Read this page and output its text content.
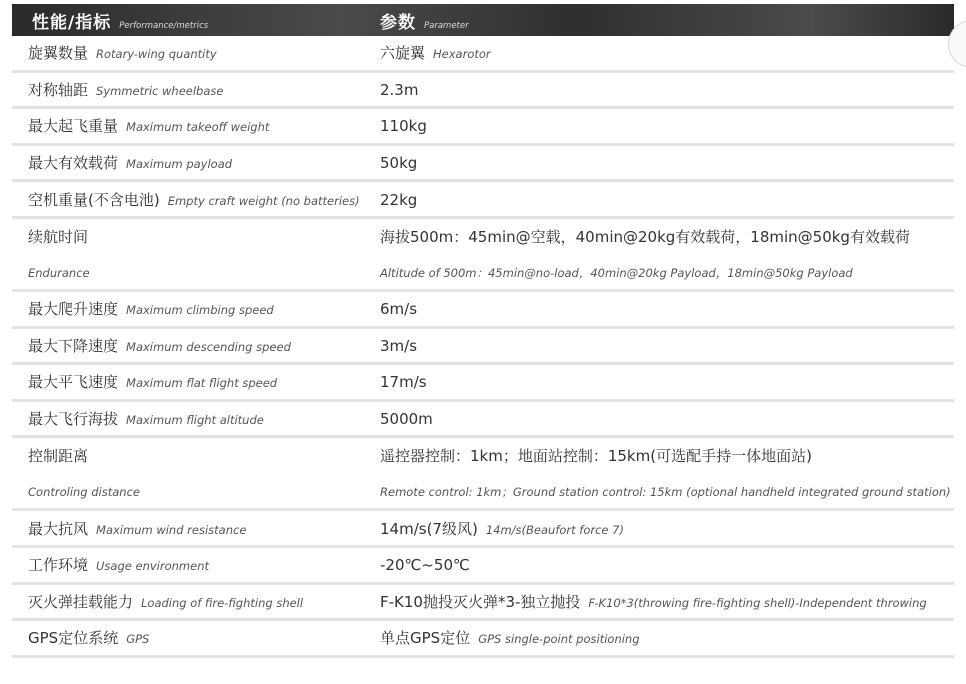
性能/指标 Performance/metrics	参数 Parameter
旋翼数量 Rotary-wing quantity	六旋翼 Hexarotor
对称轴距 Symmetric wheelbase	2.3m
最大起飞重量 Maximum takeoff weight	110kg
最大有效载荷 Maximum payload	50kg
空机重量(不含电池) Empty craft weight (no batteries)	22kg
续航时间	海拔500m：45min@空载，40min@20kg有效载荷，18min@50kg有效载荷
Endurance	Altitude of 500m：45min@no-load，40min@20kg Payload，18min@50kg Payload
最大爬升速度 Maximum climbing speed	6m/s
最大下降速度 Maximum descending speed	3m/s
最大平飞速度 Maximum flat flight speed	17m/s
最大飞行海拔 Maximum flight altitude	5000m
控制距离	遥控器控制：1km；地面站控制：15km(可选配手持一体地面站)
Controling distance	Remote control: 1km；Ground station control: 15km (optional handheld integrated ground station)
最大抗风 Maximum wind resistance	14m/s(7级风) 14m/s(Beaufort force 7)
工作环境 Usage environment	-20℃~50℃
灭火弹挂载能力 Loading of fire-fighting shell	F-K10抛投灭火弹*3-独立抛投 F-K10*3(throwing fire-fighting shell)-Independent throwing
GPS定位系统 GPS	单点GPS定位 GPS single-point positioning
